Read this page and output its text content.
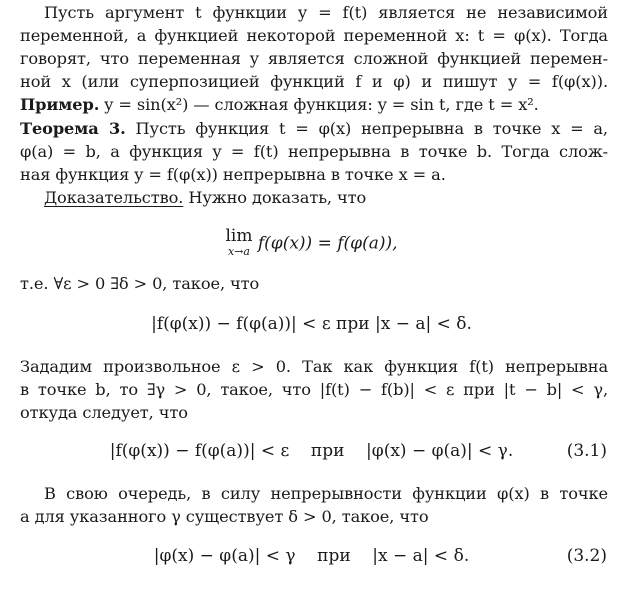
Пусть аргумент t функции y = f(t) является не независимой
переменной, а функцией некоторой переменной x: t = φ(x). Тогда
говорят, что переменная y является сложной функцией перемен-
ной x (или суперпозицией функций f и φ) и пишут y = f(φ(x)).
Пример. y = sin(x²) — сложная функция: y = sin t, где t = x².
Теорема 3. Пусть функция t = φ(x) непрерывна в точке x = a,
φ(a) = b, а функция y = f(t) непрерывна в точке b. Тогда слож-
ная функция y = f(φ(x)) непрерывна в точке x = a.
Доказательство. Нужно доказать, что
lim
x→a f(φ(x)) = f(φ(a)),
т.е. ∀ε > 0 ∃δ > 0, такое, что
|f(φ(x)) − f(φ(a))| < ε при |x − a| < δ.
Зададим произвольное ε > 0. Так как функция f(t) непрерывна
в точке b, то ∃γ > 0, такое, что |f(t) − f(b)| < ε при |t − b| < γ,
откуда следует, что
|f(φ(x)) − f(φ(a))| < ε    при    |φ(x) − φ(a)| < γ.	(3.1)
В свою очередь, в силу непрерывности функции φ(x) в точке
a для указанного γ существует δ > 0, такое, что
|φ(x) − φ(a)| < γ    при    |x − a| < δ.	(3.2)
